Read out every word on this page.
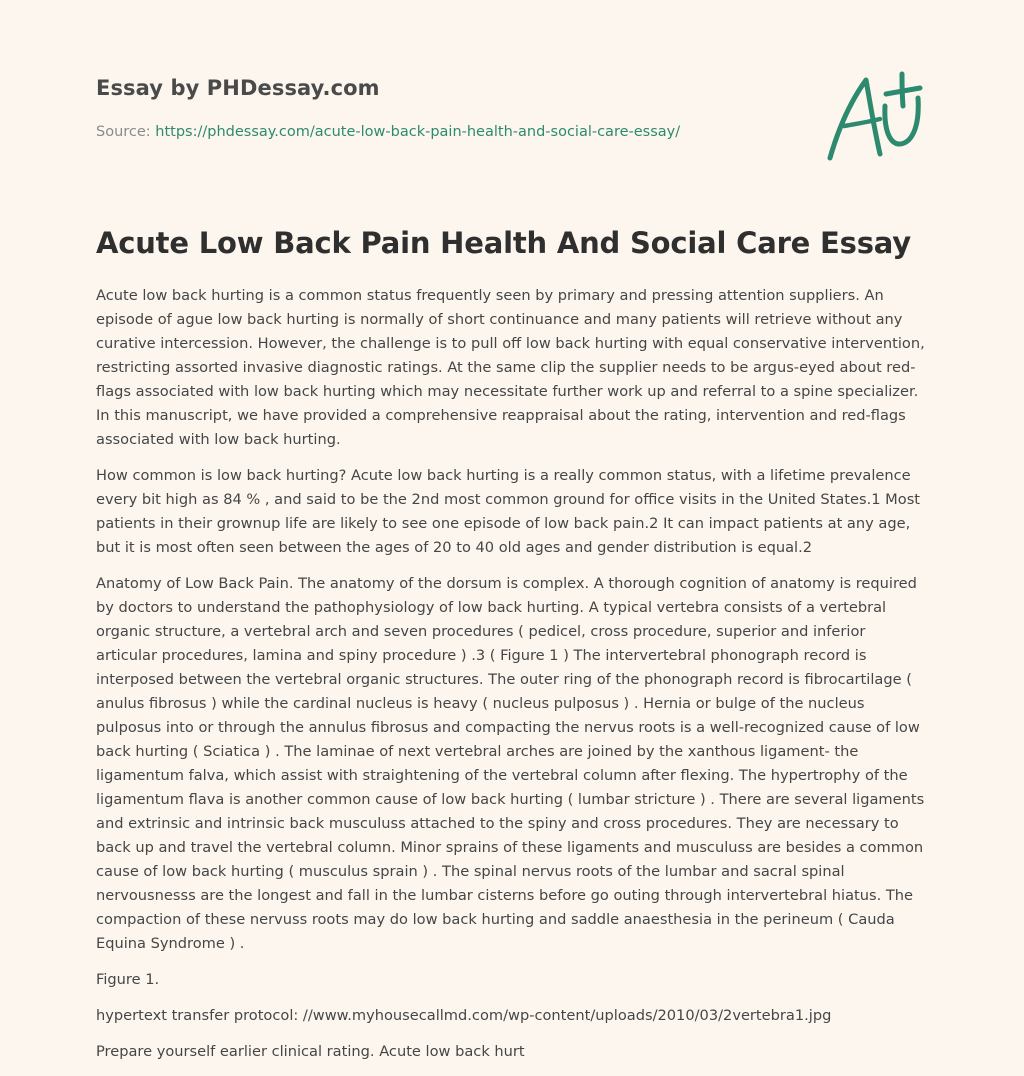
Essay by PHDessay.com
Source: https://phdessay.com/acute-low-back-pain-health-and-social-care-essay/
Acute Low Back Pain Health And Social Care Essay

Acute low back hurting is a common status frequently seen by primary and pressing attention suppliers. An episode of ague low back hurting is normally of short continuance and many patients will retrieve without any curative intercession. However, the challenge is to pull off low back hurting with equal conservative intervention, restricting assorted invasive diagnostic ratings. At the same clip the supplier needs to be argus-eyed about red-flags associated with low back hurting which may necessitate further work up and referral to a spine specializer. In this manuscript, we have provided a comprehensive reappraisal about the rating, intervention and red-flags associated with low back hurting.

How common is low back hurting? Acute low back hurting is a really common status, with a lifetime prevalence every bit high as 84 % , and said to be the 2nd most common ground for office visits in the United States.1 Most patients in their grownup life are likely to see one episode of low back pain.2 It can impact patients at any age, but it is most often seen between the ages of 20 to 40 old ages and gender distribution is equal.2

Anatomy of Low Back Pain. The anatomy of the dorsum is complex. A thorough cognition of anatomy is required by doctors to understand the pathophysiology of low back hurting. A typical vertebra consists of a vertebral organic structure, a vertebral arch and seven procedures ( pedicel, cross procedure, superior and inferior articular procedures, lamina and spiny procedure ) .3 ( Figure 1 ) The intervertebral phonograph record is interposed between the vertebral organic structures. The outer ring of the phonograph record is fibrocartilage ( anulus fibrosus ) while the cardinal nucleus is heavy ( nucleus pulposus ) . Hernia or bulge of the nucleus pulposus into or through the annulus fibrosus and compacting the nervus roots is a well-recognized cause of low back hurting ( Sciatica ) . The laminae of next vertebral arches are joined by the xanthous ligament- the ligamentum falva, which assist with straightening of the vertebral column after flexing. The hypertrophy of the ligamentum flava is another common cause of low back hurting ( lumbar stricture ) . There are several ligaments and extrinsic and intrinsic back musculuss attached to the spiny and cross procedures. They are necessary to back up and travel the vertebral column. Minor sprains of these ligaments and musculuss are besides a common cause of low back hurting ( musculus sprain ) . The spinal nervus roots of the lumbar and sacral spinal nervousnesss are the longest and fall in the lumbar cisterns before go outing through intervertebral hiatus. The compaction of these nervuss roots may do low back hurting and saddle anaesthesia in the perineum ( Cauda Equina Syndrome ) .

Figure 1.

hypertext transfer protocol: //www.myhousecallmd.com/wp-content/uploads/2010/03/2vertebra1.jpg

Prepare yourself earlier clinical rating. Acute low back hurt
